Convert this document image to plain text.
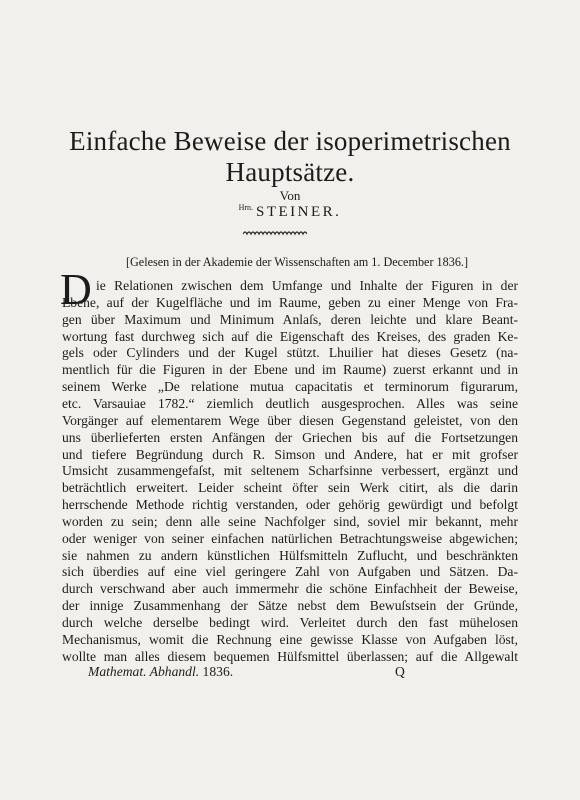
Einfache Beweise der isoperimetrischen
Hauptsätze.
Von
$^{Hrn.}$ STEINER.
[Gelesen in der Akademie der Wissenschaften am 1. December 1836.]
D ie Relationen zwischen dem Umfange und Inhalte der Figuren in der
Ebene, auf der Kugelfläche und im Raume, geben zu einer Menge von Fra-
gen über Maximum und Minimum Anlaſs, deren leichte und klare Beant-
wortung fast durchweg sich auf die Eigenschaft des Kreises, des graden Ke-
gels oder Cylinders und der Kugel stützt. Lhuilier hat dieses Gesetz (na-
mentlich für die Figuren in der Ebene und im Raume) zuerst erkannt und in
seinem Werke „De relatione mutua capacitatis et terminorum figurarum,
etc. Varsauiae 1782.“ ziemlich deutlich ausgesprochen. Alles was seine
Vorgänger auf elementarem Wege über diesen Gegenstand geleistet, von den
uns überlieferten ersten Anfängen der Griechen bis auf die Fortsetzungen
und tiefere Begründung durch R. Simson und Andere, hat er mit grofser
Umsicht zusammengefaſst, mit seltenem Scharfsinne verbessert, ergänzt und
beträchtlich erweitert. Leider scheint öfter sein Werk citirt, als die darin
herrschende Methode richtig verstanden, oder gehörig gewürdigt und befolgt
worden zu sein; denn alle seine Nachfolger sind, soviel mir bekannt, mehr
oder weniger von seiner einfachen natürlichen Betrachtungsweise abgewichen;
sie nahmen zu andern künstlichen Hülfsmitteln Zuflucht, und beschränkten
sich überdies auf eine viel geringere Zahl von Aufgaben und Sätzen. Da-
durch verschwand aber auch immermehr die schöne Einfachheit der Beweise,
der innige Zusammenhang der Sätze nebst dem Bewuſstsein der Gründe,
durch welche derselbe bedingt wird. Verleitet durch den fast mühelosen
Mechanismus, womit die Rechnung eine gewisse Klasse von Aufgaben löst,
wollte man alles diesem bequemen Hülfsmittel überlassen; auf die Allgewalt
Mathemat. Abhandl. 1836.	Q
